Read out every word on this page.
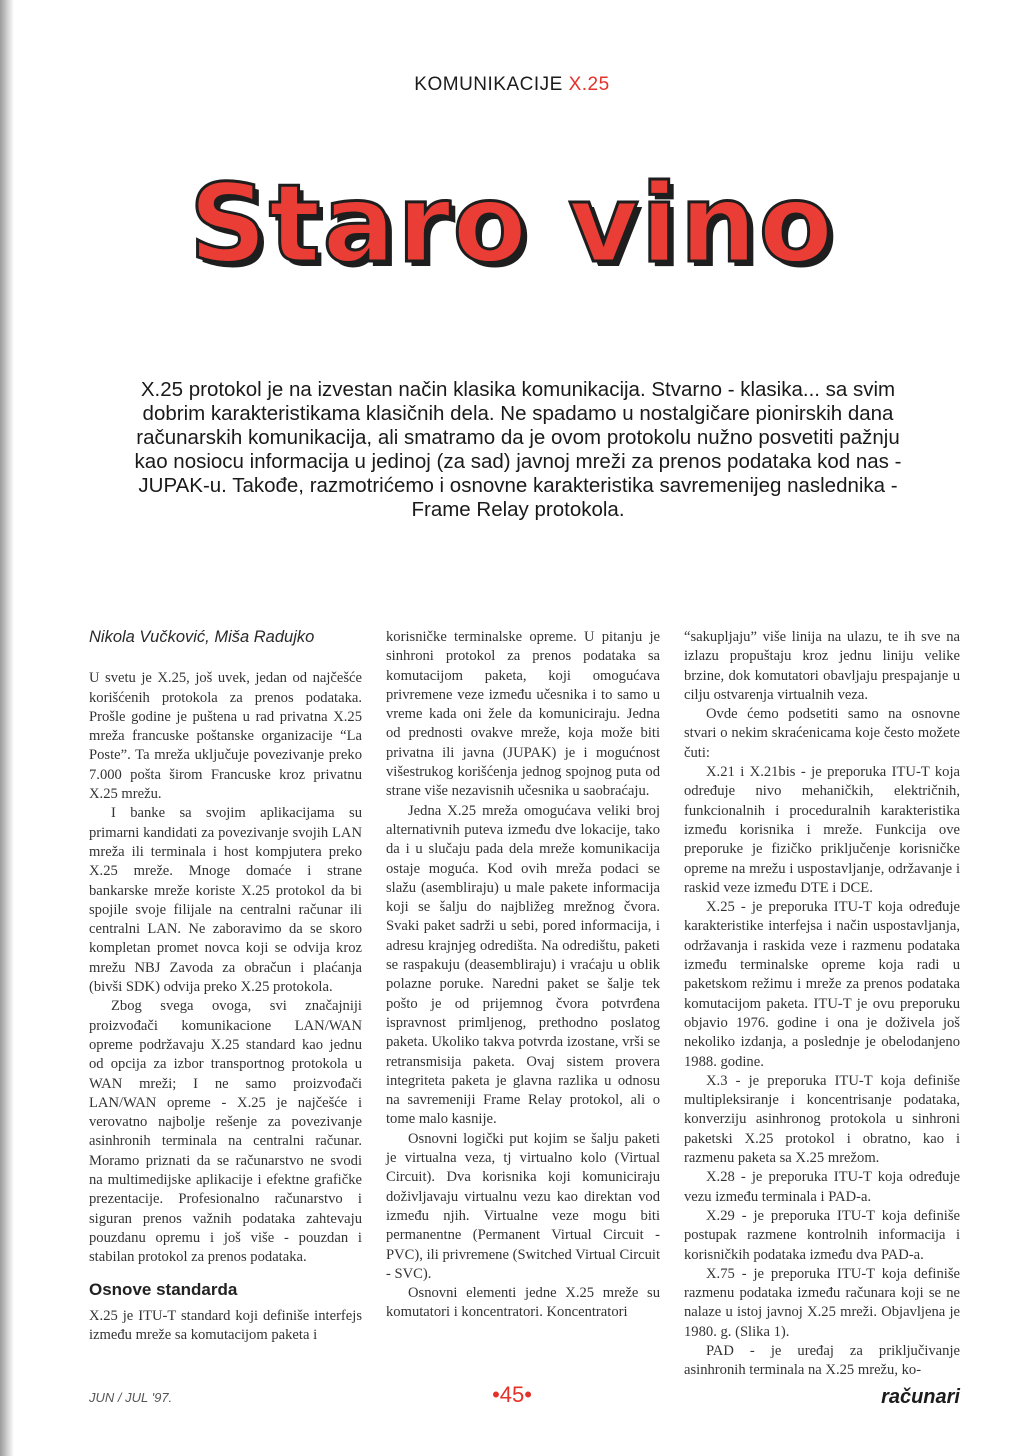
KOMUNIKACIJE X.25
Staro vino
X.25 protokol je na izvestan način klasika komunikacija. Stvarno - klasika... sa svim dobrim karakteristikama klasičnih dela. Ne spadamo u nostalgičare pionirskih dana računarskih komunikacija, ali smatramo da je ovom protokolu nužno posvetiti pažnju kao nosiocu informacija u jedinoj (za sad) javnoj mreži za prenos podataka kod nas - JUPAK-u. Takođe, razmotrićemo i osnovne karakteristika savremenijeg naslednika - Frame Relay protokola.

Nikola Vučković, Miša Radujko

U svetu je X.25, još uvek, jedan od najčešće korišćenih protokola za prenos podataka. Prošle godine je puštena u rad privatna X.25 mreža francuske poštanske organizacije “La Poste”. Ta mreža uključuje povezivanje preko 7.000 pošta širom Francuske kroz privatnu X.25 mrežu.

I banke sa svojim aplikacijama su primarni kandidati za povezivanje svojih LAN mreža ili terminala i host kompjutera preko X.25 mreže. Mnoge domaće i strane bankarske mreže koriste X.25 protokol da bi spojile svoje filijale na centralni računar ili centralni LAN. Ne zaboravimo da se skoro kompletan promet novca koji se odvija kroz mrežu NBJ Zavoda za obračun i plaćanja (bivši SDK) odvija preko X.25 protokola.

Zbog svega ovoga, svi značajniji proizvođači komunikacione LAN/WAN opreme podržavaju X.25 standard kao jednu od opcija za izbor transportnog protokola u WAN mreži; I ne samo proizvođači LAN/WAN opreme - X.25 je najčešće i verovatno najbolje rešenje za povezivanje asinhronih terminala na centralni računar. Moramo priznati da se računarstvo ne svodi na multimedijske aplikacije i efektne grafičke prezentacije. Profesionalno računarstvo i siguran prenos važnih podataka zahtevaju pouzdanu opremu i još više - pouzdan i stabilan protokol za prenos podataka.

Osnove standarda

X.25 je ITU-T standard koji definiše interfejs između mreže sa komutacijom paketa i

korisničke terminalske opreme. U pitanju je sinhroni protokol za prenos podataka sa komutacijom paketa, koji omogućava privremene veze između učesnika i to samo u vreme kada oni žele da komuniciraju. Jedna od prednosti ovakve mreže, koja može biti privatna ili javna (JUPAK) je i mogućnost višestrukog korišćenja jednog spojnog puta od strane više nezavisnih učesnika u saobraćaju.

Jedna X.25 mreža omogućava veliki broj alternativnih puteva između dve lokacije, tako da i u slučaju pada dela mreže komunikacija ostaje moguća. Kod ovih mreža podaci se slažu (asembliraju) u male pakete informacija koji se šalju do najbližeg mrežnog čvora. Svaki paket sadrži u sebi, pored informacija, i adresu krajnjeg odredišta. Na odredištu, paketi se raspakuju (deasembliraju) i vraćaju u oblik polazne poruke. Naredni paket se šalje tek pošto je od prijemnog čvora potvrđena ispravnost primljenog, prethodno poslatog paketa. Ukoliko takva potvrda izostane, vrši se retransmisija paketa. Ovaj sistem provera integriteta paketa je glavna razlika u odnosu na savremeniji Frame Relay protokol, ali o tome malo kasnije.

Osnovni logički put kojim se šalju paketi je virtualna veza, tj virtualno kolo (Virtual Circuit). Dva korisnika koji komuniciraju doživljavaju virtualnu vezu kao direktan vod između njih. Virtualne veze mogu biti permanentne (Permanent Virtual Circuit - PVC), ili privremene (Switched Virtual Circuit - SVC).

Osnovni elementi jedne X.25 mreže su komutatori i koncentratori. Koncentratori

“sakupljaju” više linija na ulazu, te ih sve na izlazu propuštaju kroz jednu liniju velike brzine, dok komutatori obavljaju prespajanje u cilju ostvarenja virtualnih veza.

Ovde ćemo podsetiti samo na osnovne stvari o nekim skraćenicama koje često možete čuti:

X.21 i X.21bis - je preporuka ITU-T koja određuje nivo mehaničkih, električnih, funkcionalnih i proceduralnih karakteristika između korisnika i mreže. Funkcija ove preporuke je fizičko priključenje korisničke opreme na mrežu i uspostavljanje, održavanje i raskid veze između DTE i DCE.

X.25 - je preporuka ITU-T koja određuje karakteristike interfejsa i način uspostavljanja, održavanja i raskida veze i razmenu podataka između terminalske opreme koja radi u paketskom režimu i mreže za prenos podataka komutacijom paketa. ITU-T je ovu preporuku objavio 1976. godine i ona je doživela još nekoliko izdanja, a poslednje je obelodanjeno 1988. godine.

X.3 - je preporuka ITU-T koja definiše multipleksiranje i koncentrisanje podataka, konverziju asinhronog protokola u sinhroni paketski X.25 protokol i obratno, kao i razmenu paketa sa X.25 mrežom.

X.28 - je preporuka ITU-T koja određuje vezu između terminala i PAD-a.

X.29 - je preporuka ITU-T koja definiše postupak razmene kontrolnih informacija i korisničkih podataka između dva PAD-a.

X.75 - je preporuka ITU-T koja definiše razmenu podataka između računara koji se ne nalaze u istoj javnoj X.25 mreži. Objavljena je 1980. g. (Slika 1).

PAD - je uređaj za priključivanje asinhronih terminala na X.25 mrežu, ko-

JUN / JUL '97.	•45•	računari
